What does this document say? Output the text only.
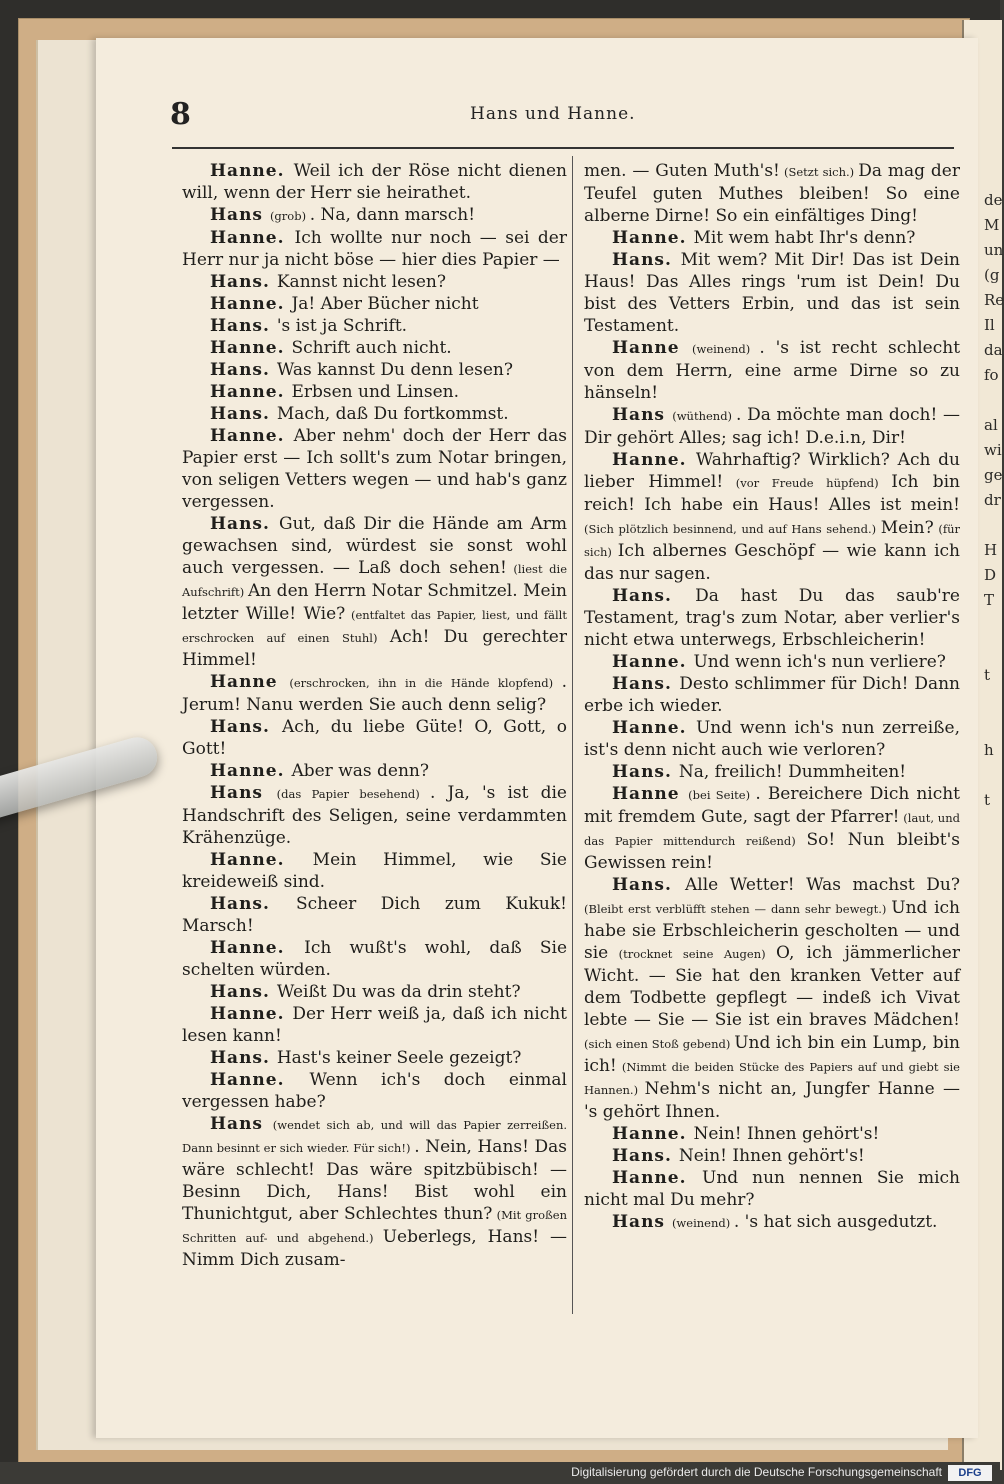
de
M
un
(g
Re
Il
da
fo

al
wi
ge
dr

H
D
T

t

h

t
8	Hans und Hanne.

Hanne. Weil ich der Röse nicht dienen will, wenn der Herr sie heirathet.

Hans (grob) . Na, dann marsch!

Hanne. Ich wollte nur noch — sei der Herr nur ja nicht böse — hier dies Papier —

Hans. Kannst nicht lesen?

Hanne. Ja! Aber Bücher nicht

Hans. 's ist ja Schrift.

Hanne. Schrift auch nicht.

Hans. Was kannst Du denn lesen?

Hanne. Erbsen und Linsen.

Hans. Mach, daß Du fortkommst.

Hanne. Aber nehm' doch der Herr das Papier erst — Ich sollt's zum Notar bringen, von seligen Vetters wegen — und hab's ganz vergessen.

Hans. Gut, daß Dir die Hände am Arm gewachsen sind, würdest sie sonst wohl auch vergessen. — Laß doch sehen! (liest die Aufschrift) An den Herrn Notar Schmitzel. Mein letzter Wille! Wie? (entfaltet das Papier, liest, und fällt erschrocken auf einen Stuhl) Ach! Du gerechter Himmel!

Hanne (erschrocken, ihn in die Hände klopfend) . Jerum! Nanu werden Sie auch denn selig?

Hans. Ach, du liebe Güte! O, Gott, o Gott!

Hanne. Aber was denn?

Hans (das Papier besehend) . Ja, 's ist die Handschrift des Seligen, seine verdammten Krähenzüge.

Hanne. Mein Himmel, wie Sie kreideweiß sind.

Hans. Scheer Dich zum Kukuk! Marsch!

Hanne. Ich wußt's wohl, daß Sie schelten würden.

Hans. Weißt Du was da drin steht?

Hanne. Der Herr weiß ja, daß ich nicht lesen kann!

Hans. Hast's keiner Seele gezeigt?

Hanne. Wenn ich's doch einmal vergessen habe?

Hans (wendet sich ab, und will das Papier zerreißen. Dann besinnt er sich wieder. Für sich!) . Nein, Hans! Das wäre schlecht! Das wäre spitzbübisch! — Besinn Dich, Hans! Bist wohl ein Thunichtgut, aber Schlechtes thun? (Mit großen Schritten auf- und abgehend.) Ueberlegs, Hans! — Nimm Dich zusam-

men. — Guten Muth's! (Setzt sich.) Da mag der Teufel guten Muthes bleiben! So eine alberne Dirne! So ein einfältiges Ding!

Hanne. Mit wem habt Ihr's denn?

Hans. Mit wem? Mit Dir! Das ist Dein Haus! Das Alles rings 'rum ist Dein! Du bist des Vetters Erbin, und das ist sein Testament.

Hanne (weinend) . 's ist recht schlecht von dem Herrn, eine arme Dirne so zu hänseln!

Hans (wüthend) . Da möchte man doch! — Dir gehört Alles; sag ich! D.e.i.n, Dir!

Hanne. Wahrhaftig? Wirklich? Ach du lieber Himmel! (vor Freude hüpfend) Ich bin reich! Ich habe ein Haus! Alles ist mein! (Sich plötzlich besinnend, und auf Hans sehend.) Mein? (für sich) Ich albernes Geschöpf — wie kann ich das nur sagen.

Hans. Da hast Du das saub're Testament, trag's zum Notar, aber verlier's nicht etwa unterwegs, Erbschleicherin!

Hanne. Und wenn ich's nun verliere?

Hans. Desto schlimmer für Dich! Dann erbe ich wieder.

Hanne. Und wenn ich's nun zerreiße, ist's denn nicht auch wie verloren?

Hans. Na, freilich! Dummheiten!

Hanne (bei Seite) . Bereichere Dich nicht mit fremdem Gute, sagt der Pfarrer! (laut, und das Papier mittendurch reißend) So! Nun bleibt's Gewissen rein!

Hans. Alle Wetter! Was machst Du? (Bleibt erst verblüfft stehen — dann sehr bewegt.) Und ich habe sie Erbschleicherin gescholten — und sie (trocknet seine Augen) O, ich jämmerlicher Wicht. — Sie hat den kranken Vetter auf dem Todbette gepflegt — indeß ich Vivat lebte — Sie — Sie ist ein braves Mädchen! (sich einen Stoß gebend) Und ich bin ein Lump, bin ich! (Nimmt die beiden Stücke des Papiers auf und giebt sie Hannen.) Nehm's nicht an, Jungfer Hanne — 's gehört Ihnen.

Hanne. Nein! Ihnen gehört's!

Hans. Nein! Ihnen gehört's!

Hanne. Und nun nennen Sie mich nicht mal Du mehr?

Hans (weinend) . 's hat sich ausgedutzt.

Digitalisierung gefördert durch die Deutsche Forschungsgemeinschaft	DFG
